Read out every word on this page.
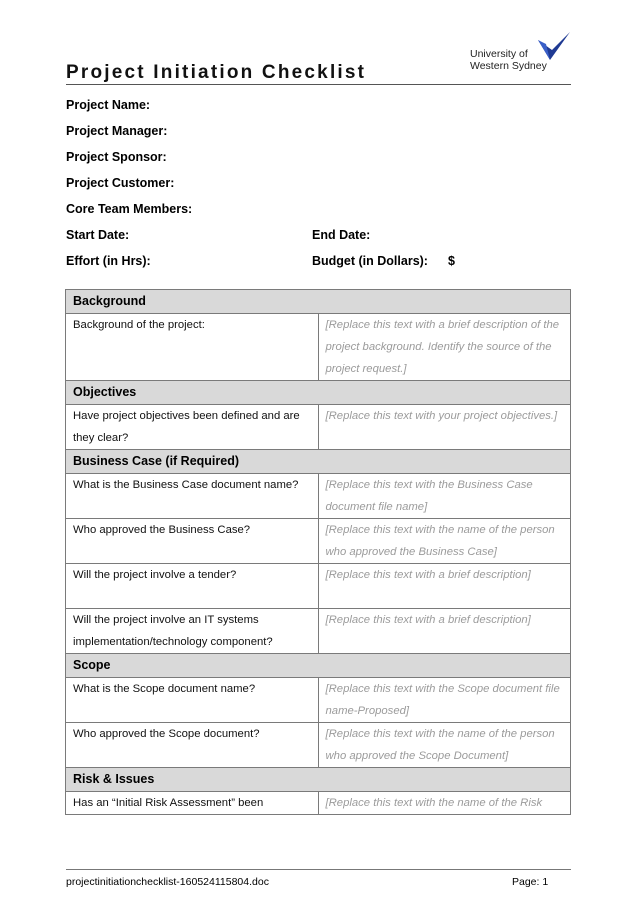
Project Initiation Checklist
University of
Western Sydney
Project Name:
Project Manager:
Project Sponsor:
Project Customer:
Core Team Members:
Start Date:	End Date:
Effort (in Hrs):	Budget (in Dollars): $
Background	
Background of the project:	[Replace this text with a brief description of the project background. Identify the source of the project request.]
Objectives	
Have project objectives been defined and are they clear?	[Replace this text with your project objectives.]
Business Case (if Required)	
What is the Business Case document name?	[Replace this text with the Business Case document file name]
Who approved the Business Case?	[Replace this text with the name of the person who approved the Business Case]
Will the project involve a tender?	[Replace this text with a brief description]
Will the project involve an IT systems implementation/technology component?	[Replace this text with a brief description]
Scope	
What is the Scope document name?	[Replace this text with the Scope document file name-Proposed]
Who approved the Scope document?	[Replace this text with the name of the person who approved the Scope Document]
Risk & Issues	
Has an “Initial Risk Assessment” been	[Replace this text with the name of the Risk
projectinitiationchecklist-160524115804.doc	Page: 1
